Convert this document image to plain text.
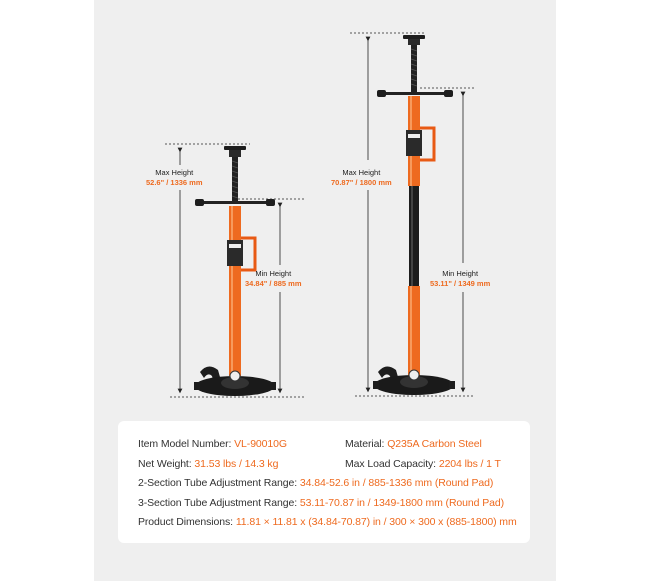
Max Height
52.6" / 1336 mm
Min Height
34.84" / 885 mm
Max Height
70.87" / 1800 mm
Min Height
53.11" / 1349 mm
Item Model Number: VL-90010G	Material: Q235A Carbon Steel
Net Weight: 31.53 lbs / 14.3 kg	Max Load Capacity: 2204 lbs / 1 T
2-Section Tube Adjustment Range: 34.84-52.6 in / 885-1336 mm (Round Pad)
3-Section Tube Adjustment Range: 53.11-70.87 in / 1349-1800 mm (Round Pad)
Product Dimensions: 11.81 × 11.81 x (34.84-70.87) in / 300 × 300 x (885-1800) mm
